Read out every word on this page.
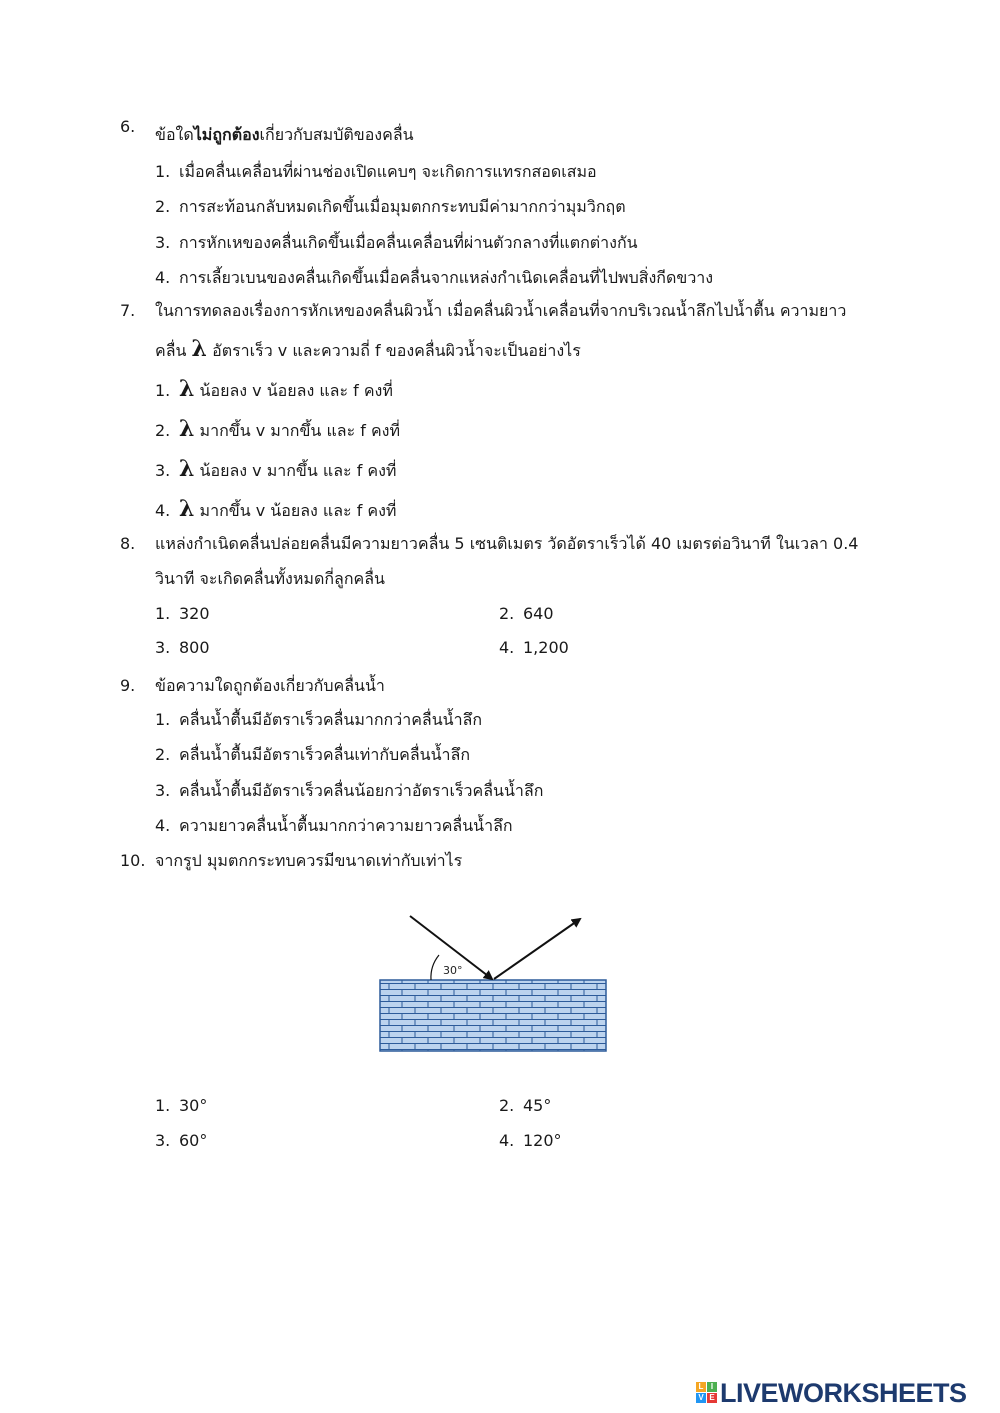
6.	ข้อใดไม่ถูกต้องเกี่ยวกับสมบัติของคลื่น
1. เมื่อคลื่นเคลื่อนที่ผ่านช่องเปิดแคบๆ จะเกิดการแทรกสอดเสมอ
2. การสะท้อนกลับหมดเกิดขึ้นเมื่อมุมตกกระทบมีค่ามากกว่ามุมวิกฤต
3. การหักเหของคลื่นเกิดขึ้นเมื่อคลื่นเคลื่อนที่ผ่านตัวกลางที่แตกต่างกัน
4. การเลี้ยวเบนของคลื่นเกิดขึ้นเมื่อคลื่นจากแหล่งกำเนิดเคลื่อนที่ไปพบสิ่งกีดขวาง
7.	ในการทดลองเรื่องการหักเหของคลื่นผิวน้ำ เมื่อคลื่นผิวน้ำเคลื่อนที่จากบริเวณน้ำลึกไปน้ำตื้น ความยาว
คลื่น λ อัตราเร็ว v และความถี่ f ของคลื่นผิวน้ำจะเป็นอย่างไร
1. λ น้อยลง v น้อยลง และ f คงที่
2. λ มากขึ้น v มากขึ้น และ f คงที่
3. λ น้อยลง v มากขึ้น และ f คงที่
4. λ มากขึ้น v น้อยลง และ f คงที่
8.	แหล่งกำเนิดคลื่นปล่อยคลื่นมีความยาวคลื่น 5 เซนติเมตร วัดอัตราเร็วได้ 40 เมตรต่อวินาที ในเวลา 0.4
วินาที จะเกิดคลื่นทั้งหมดกี่ลูกคลื่น
1. 320	2. 640
3. 800	4. 1,200
9.	ข้อความใดถูกต้องเกี่ยวกับคลื่นน้ำ
1. คลื่นน้ำตื้นมีอัตราเร็วคลื่นมากกว่าคลื่นน้ำลึก
2. คลื่นน้ำตื้นมีอัตราเร็วคลื่นเท่ากับคลื่นน้ำลึก
3. คลื่นน้ำตื้นมีอัตราเร็วคลื่นน้อยกว่าอัตราเร็วคลื่นน้ำลึก
4. ความยาวคลื่นน้ำตื้นมากกว่าความยาวคลื่นน้ำลึก
10. จากรูป มุมตกกระทบควรมีขนาดเท่ากับเท่าไร
30°
1. 30°	2. 45°
3. 60°	4. 120°
L I
V E LIVEWORKSHEETS
